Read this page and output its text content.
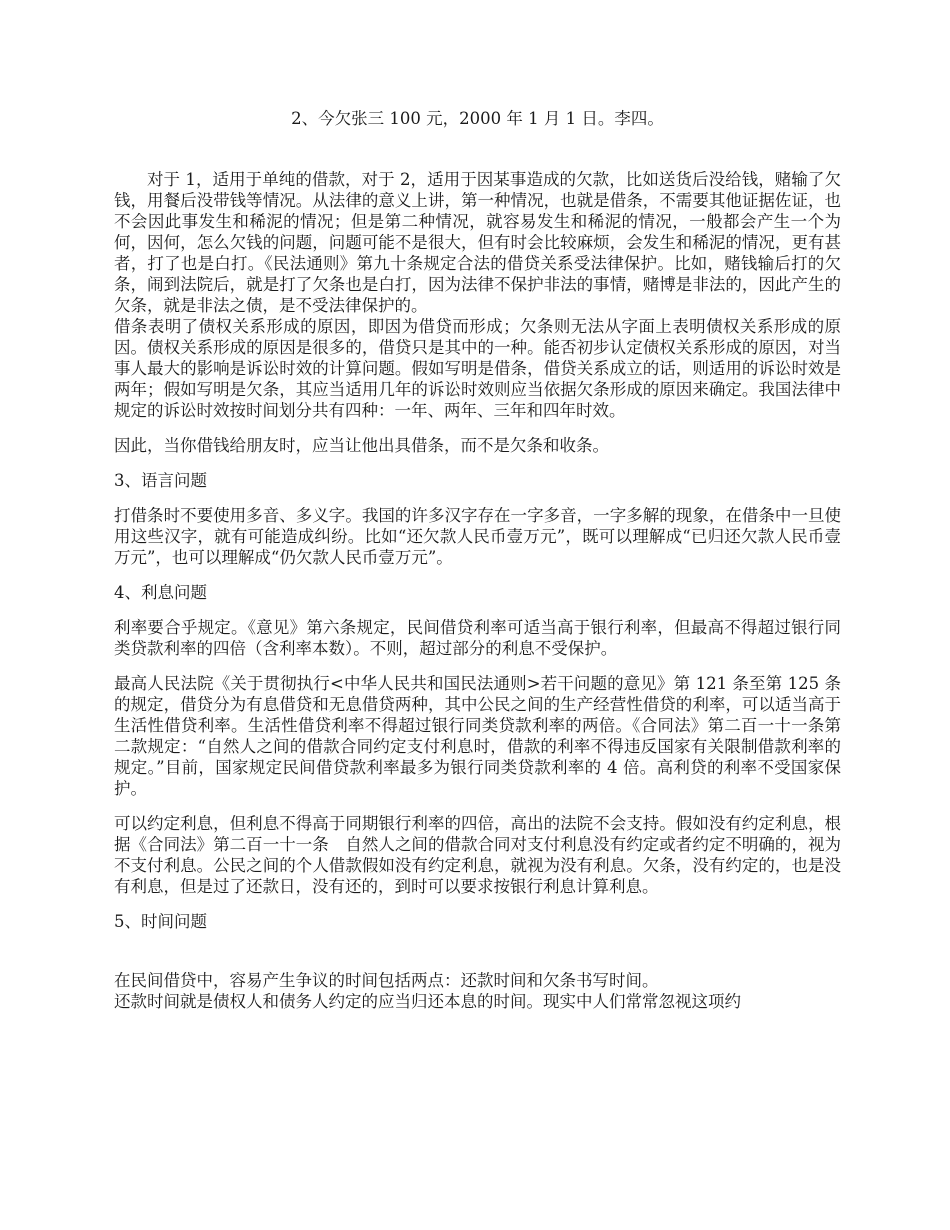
2、今欠张三 100 元，2000 年 1 月 1 日。李四。

对于 1，适用于单纯的借款，对于 2，适用于因某事造成的欠款，比如送货后没给钱，赌输了欠钱，用餐后没带钱等情况。从法律的意义上讲，第一种情况，也就是借条，不需要其他证据佐证，也不会因此事发生和稀泥的情况；但是第二种情况，就容易发生和稀泥的情况，一般都会产生一个为何，因何，怎么欠钱的问题，问题可能不是很大，但有时会比较麻烦，会发生和稀泥的情况，更有甚者，打了也是白打。《民法通则》第九十条规定合法的借贷关系受法律保护。比如，赌钱输后打的欠条，闹到法院后，就是打了欠条也是白打，因为法律不保护非法的事情，赌博是非法的，因此产生的欠条，就是非法之债，是不受法律保护的。

借条表明了债权关系形成的原因，即因为借贷而形成；欠条则无法从字面上表明债权关系形成的原因。债权关系形成的原因是很多的，借贷只是其中的一种。能否初步认定债权关系形成的原因，对当事人最大的影响是诉讼时效的计算问题。假如写明是借条，借贷关系成立的话，则适用的诉讼时效是两年；假如写明是欠条，其应当适用几年的诉讼时效则应当依据欠条形成的原因来确定。我国法律中规定的诉讼时效按时间划分共有四种：一年、两年、三年和四年时效。

因此，当你借钱给朋友时，应当让他出具借条，而不是欠条和收条。

3、语言问题

打借条时不要使用多音、多义字。我国的许多汉字存在一字多音，一字多解的现象，在借条中一旦使用这些汉字，就有可能造成纠纷。比如“还欠款人民币壹万元”，既可以理解成“已归还欠款人民币壹万元”，也可以理解成“仍欠款人民币壹万元”。

4、利息问题

利率要合乎规定。《意见》第六条规定，民间借贷利率可适当高于银行利率，但最高不得超过银行同类贷款利率的四倍（含利率本数）。不则，超过部分的利息不受保护。

最高人民法院《关于贯彻执行<中华人民共和国民法通则>若干问题的意见》第 121 条至第 125 条的规定，借贷分为有息借贷和无息借贷两种，其中公民之间的生产经营性借贷的利率，可以适当高于生活性借贷利率。生活性借贷利率不得超过银行同类贷款利率的两倍。《合同法》第二百一十一条第二款规定：“自然人之间的借款合同约定支付利息时，借款的利率不得违反国家有关限制借款利率的规定。”目前，国家规定民间借贷款利率最多为银行同类贷款利率的 4 倍。高利贷的利率不受国家保护。

可以约定利息，但利息不得高于同期银行利率的四倍，高出的法院不会支持。假如没有约定利息，根据《合同法》第二百一十一条　自然人之间的借款合同对支付利息没有约定或者约定不明确的，视为不支付利息。公民之间的个人借款假如没有约定利息，就视为没有利息。欠条，没有约定的，也是没有利息，但是过了还款日，没有还的，到时可以要求按银行利息计算利息。

5、时间问题

在民间借贷中，容易产生争议的时间包括两点：还款时间和欠条书写时间。

还款时间就是债权人和债务人约定的应当归还本息的时间。现实中人们常常忽视这项约
